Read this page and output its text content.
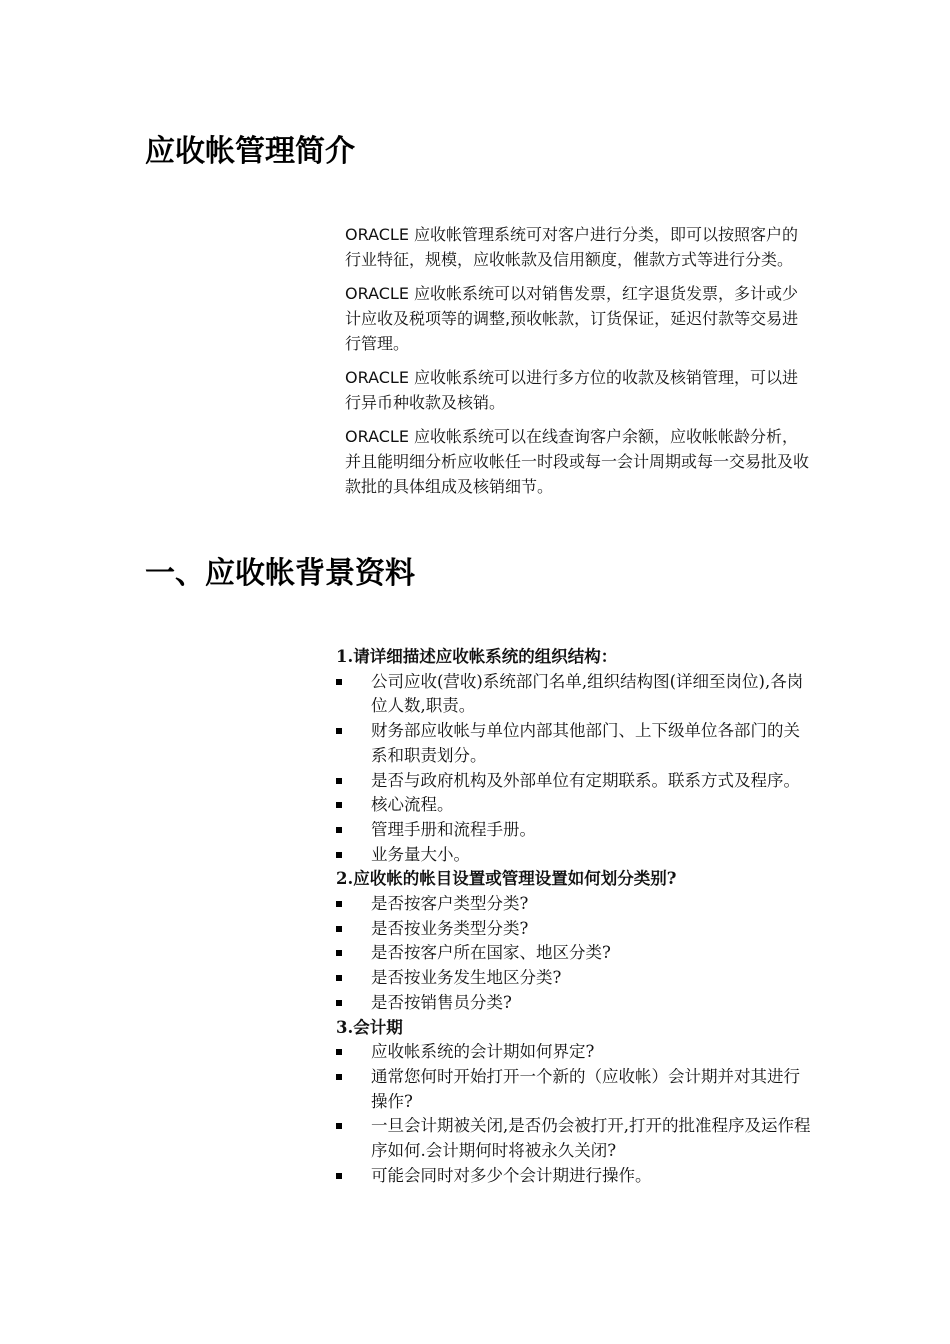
应收帐管理简介

ORACLE 应收帐管理系统可对客户进行分类，即可以按照客户的行业特征，规模，应收帐款及信用额度，催款方式等进行分类。

ORACLE 应收帐系统可以对销售发票，红字退货发票，多计或少计应收及税项等的调整,预收帐款，订货保证，延迟付款等交易进行管理。

ORACLE 应收帐系统可以进行多方位的收款及核销管理，可以进行异币种收款及核销。

ORACLE 应收帐系统可以在线查询客户余额，应收帐帐龄分析，并且能明细分析应收帐任一时段或每一会计周期或每一交易批及收款批的具体组成及核销细节。

一、应收帐背景资料

1.请详细描述应收帐系统的组织结构：

公司应收(营收)系统部门名单,组织结构图(详细至岗位),各岗位人数,职责。
财务部应收帐与单位内部其他部门、上下级单位各部门的关系和职责划分。
是否与政府机构及外部单位有定期联系。联系方式及程序。
核心流程。
管理手册和流程手册。
业务量大小。

2.应收帐的帐目设置或管理设置如何划分类别?

是否按客户类型分类?
是否按业务类型分类?
是否按客户所在国家、地区分类?
是否按业务发生地区分类?
是否按销售员分类?

3.会计期

应收帐系统的会计期如何界定?
通常您何时开始打开一个新的（应收帐）会计期并对其进行操作?
一旦会计期被关闭,是否仍会被打开,打开的批准程序及运作程序如何.会计期何时将被永久关闭?
可能会同时对多少个会计期进行操作。
